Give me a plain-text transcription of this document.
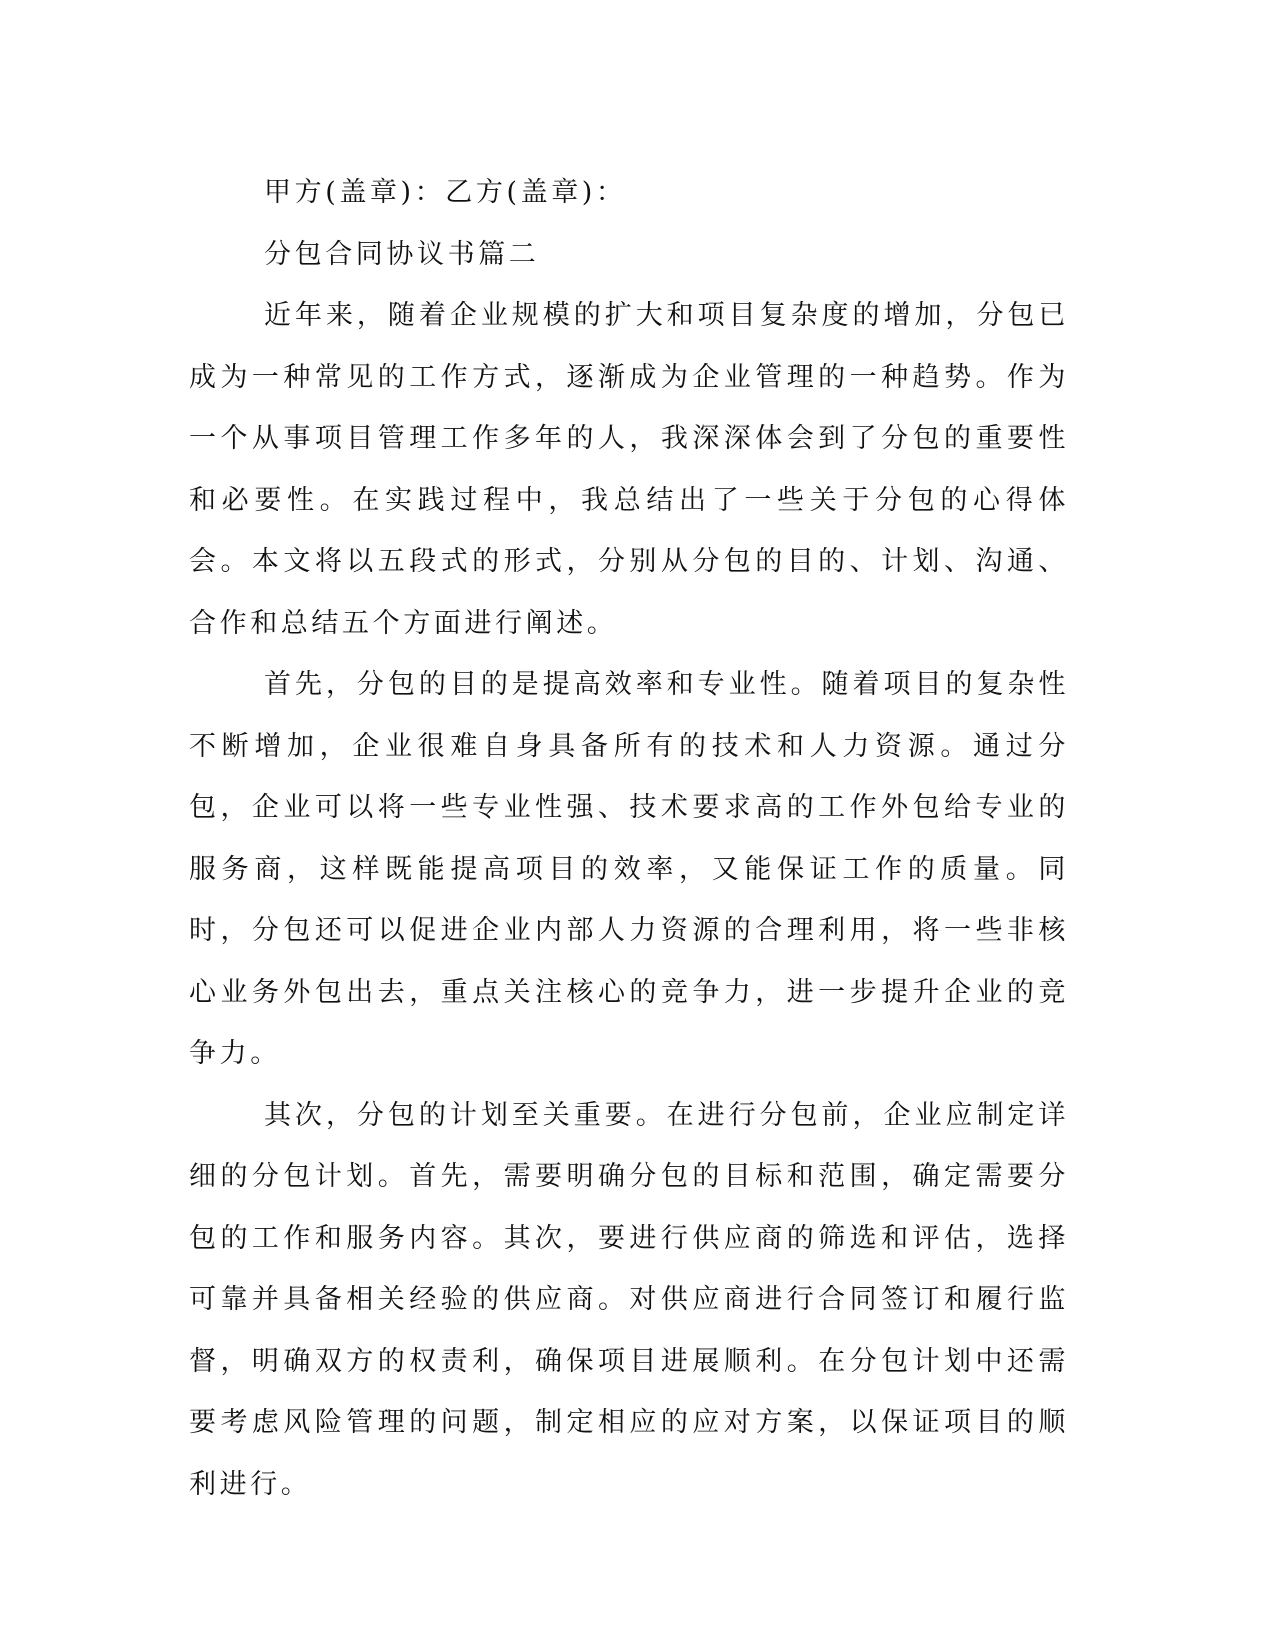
甲方(盖章)：乙方(盖章)：

分包合同协议书篇二

近年来，随着企业规模的扩大和项目复杂度的增加，分包已成为一种常见的工作方式，逐渐成为企业管理的一种趋势。作为一个从事项目管理工作多年的人，我深深体会到了分包的重要性和必要性。在实践过程中，我总结出了一些关于分包的心得体会。本文将以五段式的形式，分别从分包的目的、计划、沟通、合作和总结五个方面进行阐述。

首先，分包的目的是提高效率和专业性。随着项目的复杂性不断增加，企业很难自身具备所有的技术和人力资源。通过分包，企业可以将一些专业性强、技术要求高的工作外包给专业的服务商，这样既能提高项目的效率，又能保证工作的质量。同时，分包还可以促进企业内部人力资源的合理利用，将一些非核心业务外包出去，重点关注核心的竞争力，进一步提升企业的竞争力。

其次，分包的计划至关重要。在进行分包前，企业应制定详细的分包计划。首先，需要明确分包的目标和范围，确定需要分包的工作和服务内容。其次，要进行供应商的筛选和评估，选择可靠并具备相关经验的供应商。对供应商进行合同签订和履行监督，明确双方的权责利，确保项目进展顺利。在分包计划中还需要考虑风险管理的问题，制定相应的应对方案，以保证项目的顺利进行。
